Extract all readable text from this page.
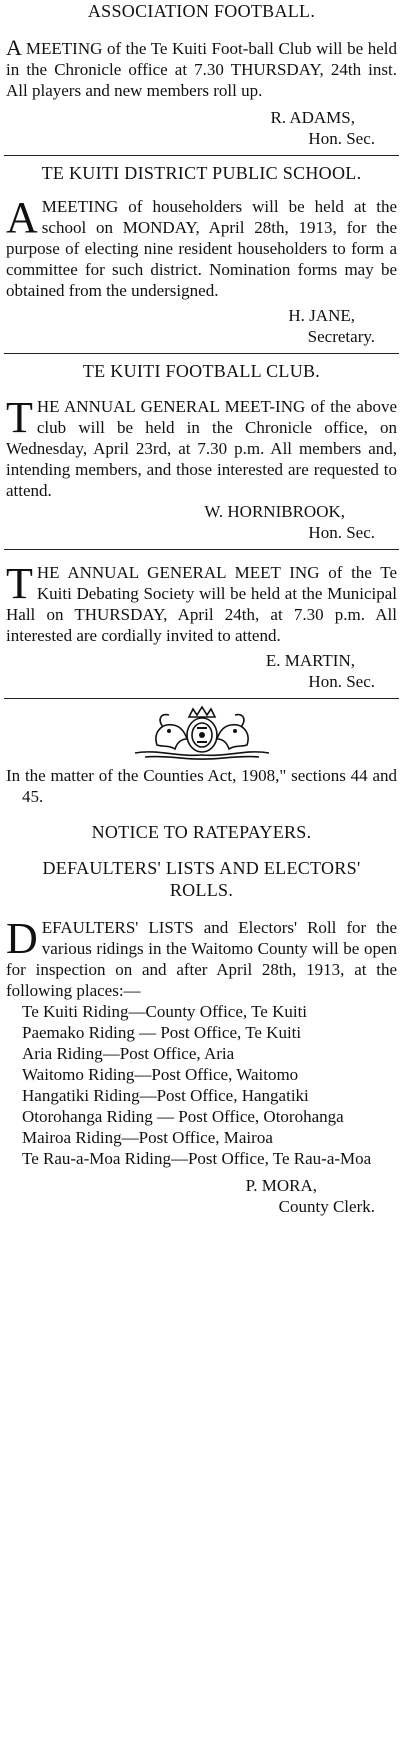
ASSOCIATION FOOTBALL.

A MEETING of the Te Kuiti Foot-ball Club will be held in the Chronicle office at 7.30 THURSDAY, 24th inst. All players and new members roll up.

R. ADAMS,

Hon. Sec.

TE KUITI DISTRICT PUBLIC SCHOOL.

A MEETING of householders will be held at the school on MONDAY, April 28th, 1913, for the purpose of electing nine resident householders to form a committee for such district. Nomination forms may be obtained from the undersigned.

H. JANE,

Secretary.

TE KUITI FOOTBALL CLUB.

T HE ANNUAL GENERAL MEET-ING of the above club will be held in the Chronicle office, on Wednesday, April 23rd, at 7.30 p.m. All members and, intending members, and those interested are requested to attend.

W. HORNIBROOK,

Hon. Sec.

T HE ANNUAL GENERAL MEET ING of the Te Kuiti Debating Society will be held at the Municipal Hall on THURSDAY, April 24th, at 7.30 p.m. All interested are cordially invited to attend.

E. MARTIN,

Hon. Sec.

In the matter of the Counties Act, 1908," sections 44 and 45.

NOTICE TO RATEPAYERS.

DEFAULTERS' LISTS AND ELECTORS' ROLLS.

D EFAULTERS' LISTS and Electors' Roll for the various ridings in the Waitomo County will be open for inspection on and after April 28th, 1913, at the following places:—

Te Kuiti Riding—County Office, Te Kuiti

Paemako Riding — Post Office, Te Kuiti

Aria Riding—Post Office, Aria

Waitomo Riding—Post Office, Waitomo

Hangatiki Riding—Post Office, Hangatiki

Otorohanga Riding — Post Office, Otorohanga

Mairoa Riding—Post Office, Mairoa

Te Rau-a-Moa Riding—Post Office, Te Rau-a-Moa

P. MORA,

County Clerk.
